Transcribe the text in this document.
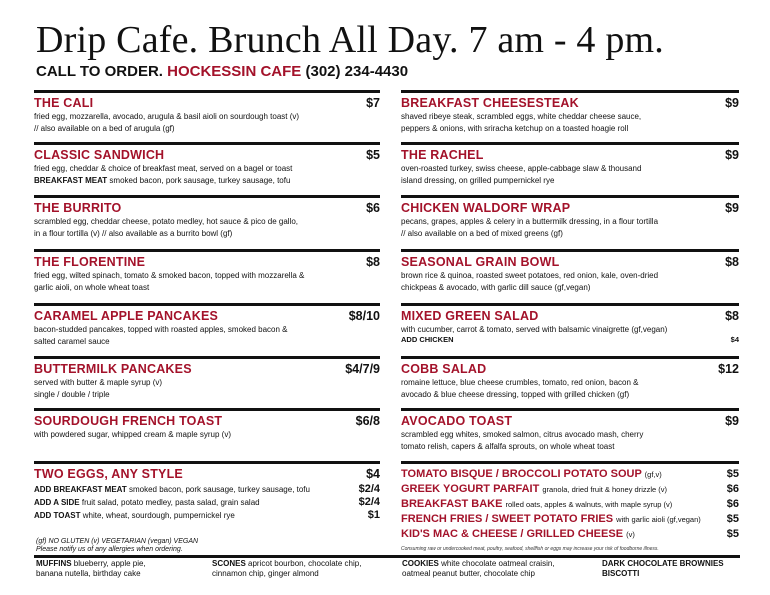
Drip Cafe. Brunch All Day. 7 am - 4 pm.
CALL TO ORDER. HOCKESSIN CAFE (302) 234-4430
THE CALI	$7
fried egg, mozzarella, avocado, arugula & basil aioli on sourdough toast (v)
// also available on a bed of arugula (gf)
CLASSIC SANDWICH	$5
fried egg, cheddar & choice of breakfast meat, served on a bagel or toast
BREAKFAST MEAT smoked bacon, pork sausage, turkey sausage, tofu
THE BURRITO	$6
scrambled egg, cheddar cheese, potato medley, hot sauce & pico de gallo,
in a flour tortilla (v) // also available as a burrito bowl (gf)
THE FLORENTINE	$8
fried egg, wilted spinach, tomato & smoked bacon, topped with mozzarella &
garlic aioli, on whole wheat toast
CARAMEL APPLE PANCAKES	$8/10
bacon-studded pancakes, topped with roasted apples, smoked bacon &
salted caramel sauce
BUTTERMILK PANCAKES	$4/7/9
served with butter & maple syrup (v)
single / double / triple
SOURDOUGH FRENCH TOAST	$6/8
with powdered sugar, whipped cream & maple syrup (v)
TWO EGGS, ANY STYLE	$4
ADD BREAKFAST MEAT smoked bacon, pork sausage, turkey sausage, tofu	$2/4
ADD A SIDE fruit salad, potato medley, pasta salad, grain salad	$2/4
ADD TOAST white, wheat, sourdough, pumpernickel rye	$1
BREAKFAST CHEESESTEAK	$9
shaved ribeye steak, scrambled eggs, white cheddar cheese sauce,
peppers & onions, with sriracha ketchup on a toasted hoagie roll
THE RACHEL	$9
oven-roasted turkey, swiss cheese, apple-cabbage slaw & thousand
island dressing, on grilled pumpernickel rye
CHICKEN WALDORF WRAP	$9
pecans, grapes, apples & celery in a buttermilk dressing, in a flour tortilla
// also available on a bed of mixed greens (gf)
SEASONAL GRAIN BOWL	$8
brown rice & quinoa, roasted sweet potatoes, red onion, kale, oven-dried
chickpeas & avocado, with garlic dill sauce (gf,vegan)
MIXED GREEN SALAD	$8
with cucumber, carrot & tomato, served with balsamic vinaigrette (gf,vegan)
ADD CHICKEN	$4
COBB SALAD	$12
romaine lettuce, blue cheese crumbles, tomato, red onion, bacon &
avocado & blue cheese dressing, topped with grilled chicken (gf)
AVOCADO TOAST	$9
scrambled egg whites, smoked salmon, citrus avocado mash, cherry
tomato relish, capers & alfalfa sprouts, on whole wheat toast
TOMATO BISQUE / BROCCOLI POTATO SOUP (gf,v)	$5
GREEK YOGURT PARFAIT granola, dried fruit & honey drizzle (v)	$6
BREAKFAST BAKE rolled oats, apples & walnuts, with maple syrup (v)	$6
FRENCH FRIES / SWEET POTATO FRIES with garlic aioli (gf,vegan) $5
KID'S MAC & CHEESE / GRILLED CHEESE (v)	$5
(gf) NO GLUTEN (v) VEGETARIAN (vegan) VEGAN
Please notify us of any allergies when ordering.	Consuming raw or undercooked meat, poultry, seafood, shellfish or eggs may increase your risk of foodborne illness.
MUFFINS blueberry, apple pie,
banana nutella, birthday cake
SCONES apricot bourbon, chocolate chip,
cinnamon chip, ginger almond
COOKIES white chocolate oatmeal craisin,
oatmeal peanut butter, chocolate chip
DARK CHOCOLATE BROWNIES
BISCOTTI
